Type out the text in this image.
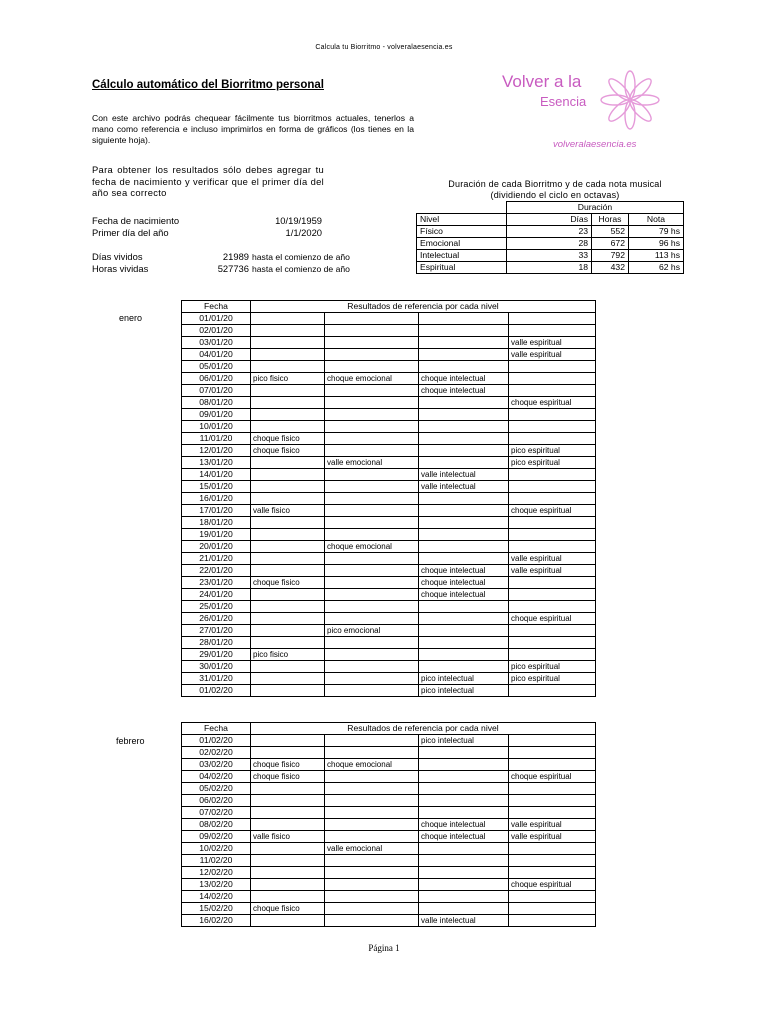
Calcula tu Biorritmo - volveralaesencia.es
Cálculo automático del Biorritmo personal
Con este archivo podrás chequear fácilmente tus biorritmos actuales, tenerlos a mano como referencia e incluso imprimirlos en forma de gráficos (los tienes en la siguiente hoja).
Para obtener los resultados sólo debes agregar tu fecha de nacimiento y verificar que el primer día del año sea correcto
Volver a la
Esencia
volveralaesencia.es
Fecha de nacimiento	10/19/1959
Primer día del año	1/1/2020
Días vividos	21989 hasta el comienzo de año
Horas vividas	527736 hasta el comienzo de año
Duración de cada Biorritmo y de cada nota musical
(dividiendo el ciclo en octavas)
	Duración		
Nivel	Días	Horas	Nota
Físico	23	552	79 hs
Emocional	28	672	96 hs
Intelectual	33	792	113 hs
Espiritual	18	432	62 hs
enero
Fecha	Resultados de referencia por cada nivel			
01/01/20				
02/01/20				
03/01/20				valle espiritual
04/01/20				valle espiritual
05/01/20				
06/01/20	pico fisico	choque emocional	choque intelectual	
07/01/20			choque intelectual	
08/01/20				choque espiritual
09/01/20				
10/01/20				
11/01/20	choque fisico			
12/01/20	choque fisico			pico espiritual
13/01/20		valle emocional		pico espiritual
14/01/20			valle intelectual	
15/01/20			valle intelectual	
16/01/20				
17/01/20	valle fisico			choque espiritual
18/01/20				
19/01/20				
20/01/20		choque emocional		
21/01/20				valle espiritual
22/01/20			choque intelectual	valle espiritual
23/01/20	choque fisico		choque intelectual	
24/01/20			choque intelectual	
25/01/20				
26/01/20				choque espiritual
27/01/20		pico emocional		
28/01/20				
29/01/20	pico fisico			
30/01/20				pico espiritual
31/01/20			pico intelectual	pico espiritual
01/02/20			pico intelectual	
febrero
Fecha	Resultados de referencia por cada nivel			
01/02/20			pico intelectual	
02/02/20				
03/02/20	choque fisico	choque emocional		
04/02/20	choque fisico			choque espiritual
05/02/20				
06/02/20				
07/02/20				
08/02/20			choque intelectual	valle espiritual
09/02/20	valle fisico		choque intelectual	valle espiritual
10/02/20		valle emocional		
11/02/20				
12/02/20				
13/02/20				choque espiritual
14/02/20				
15/02/20	choque fisico			
16/02/20			valle intelectual	
Página 1
